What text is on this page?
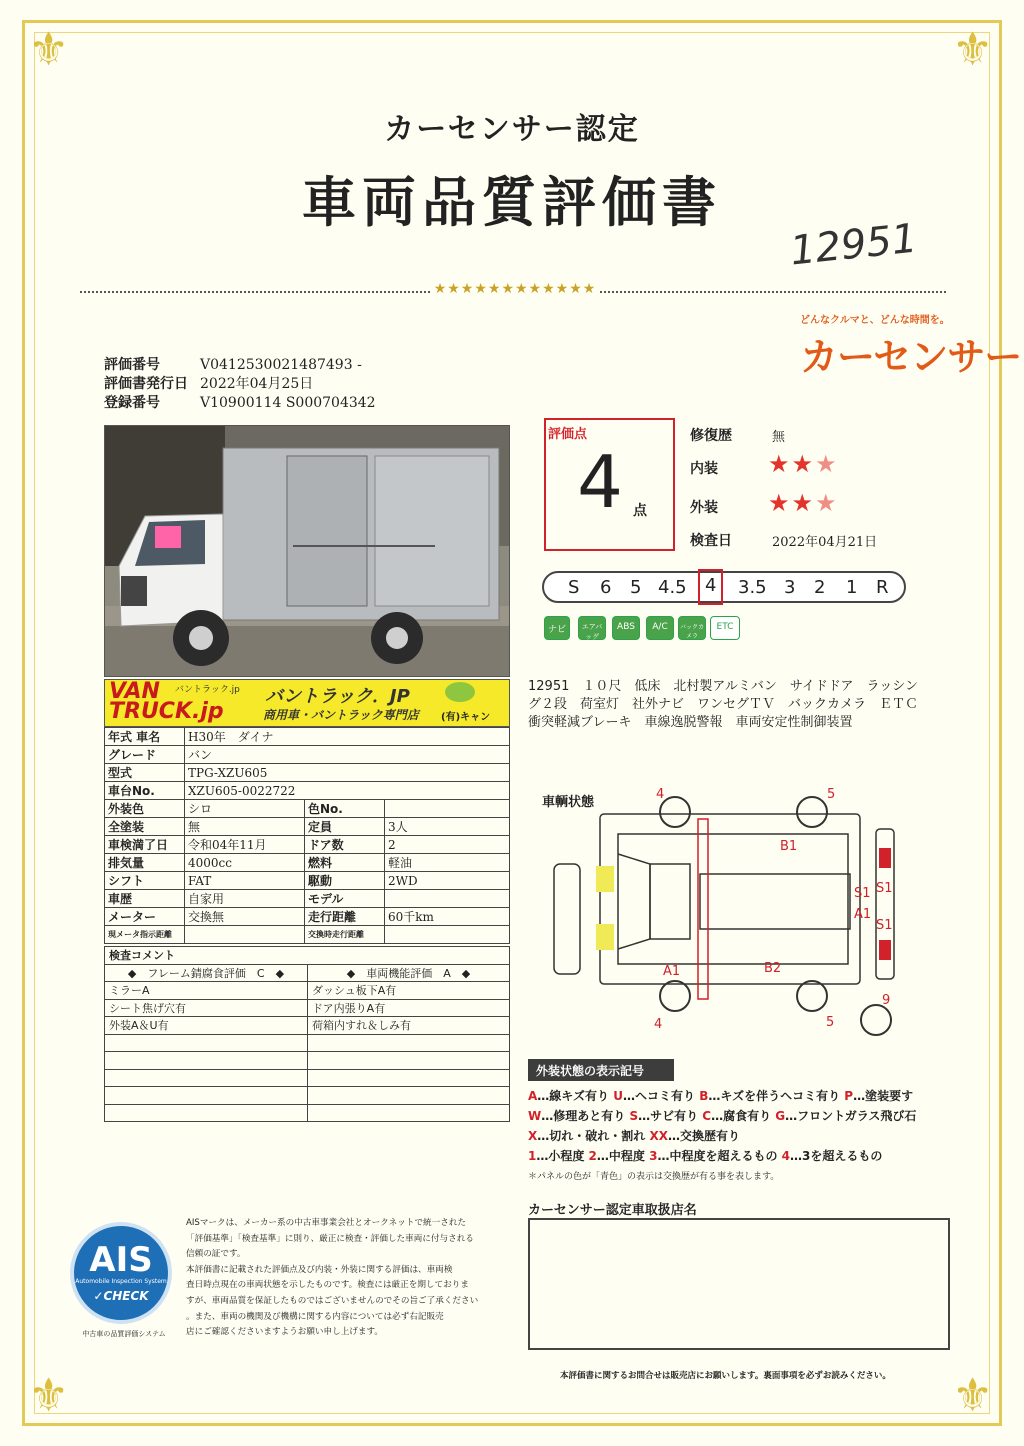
⚜	⚜
⚜	⚜
カーセンサー認定
車両品質評価書
12951
★★★★★★★★★★★★
どんなクルマと、どんな時間を。
カーセンサー
評価番号	V0412530021487493 -
評価書発行日 2022年04月25日
登録番号	V10900114 S000704342
VAN
TRUCK.jp
バントラック.jp バントラック．JP
商用車・バントラック専門店 (有)キャン
年式 車名	H30年　ダイナ		
グレード	バン		
型式	TPG-XZU605		
車台No.	XZU605-0022722		
外装色	シロ	色No.	
全塗装	無	定員	3人
車検満了日	令和04年11月	ドア数	2
排気量	4000cc	燃料	軽油
シフト	FAT	駆動	2WD
車歴	自家用	モデル	
メーター	交換無	走行距離	60千km
現メータ指示距離		交換時走行距離	
検査コメント	
◆　フレーム錆腐食評価　C　◆	◆　車両機能評価　A　◆
ミラーA	ダッシュ板下A有
シート焦げ穴有	ドア内張りA有
外装A＆U有	荷箱内すれ＆しみ有

評価点
4 点
修復歴	無
内装 ★★★
外装 ★★★
検査日	2022年04月21日
S 6 5 4.5	4	3.5 3 2 1 R
ナビ	エアバッグ
ABS	A/C	バックカメラ
ETC
12951　１０尺　低床　北村製アルミバン　サイドドア　ラッシング２段　荷室灯　社外ナビ　ワンセグＴＶ　バックカメラ　ＥＴＣ　衝突軽減ブレーキ　車線逸脱警報　車両安定性制御装置
車輌状態
4	5
4	5
9
B1
B2
A1
A1
S1 S1
S1
外装状態の表示記号
A…線キズ有り U…ヘコミ有り B…キズを伴うヘコミ有り P…塗装要す
W…修理あと有り S…サビ有り C…腐食有り G…フロントガラス飛び石
X…切れ・破れ・割れ XX…交換歴有り
1…小程度 2…中程度 3…中程度を超えるもの 4…3を超えるもの
＊パネルの色が「青色」の表示は交換歴が有る事を表します。
カーセンサー認定車取扱店名
AIS
Automobile Inspection System
✓CHECK
中古車の品質評価システム
AISマークは、メーカー系の中古車事業会社とオークネットで統一された
「評価基準」「検査基準」に則り、厳正に検査・評価した車両に付与される
信頼の証です。
本評価書に記載された評価点及び内装・外装に関する評価は、車両検
査日時点現在の車両状態を示したものです。検査には厳正を期しておりま
すが、車両品質を保証したものではございませんのでその旨ご了承ください
。また、車両の機関及び機構に関する内容については必ず右記販売
店にご確認くださいますようお願い申し上げます。
本評価書に関するお問合せは販売店にお願いします。裏面事項を必ずお読みください。
